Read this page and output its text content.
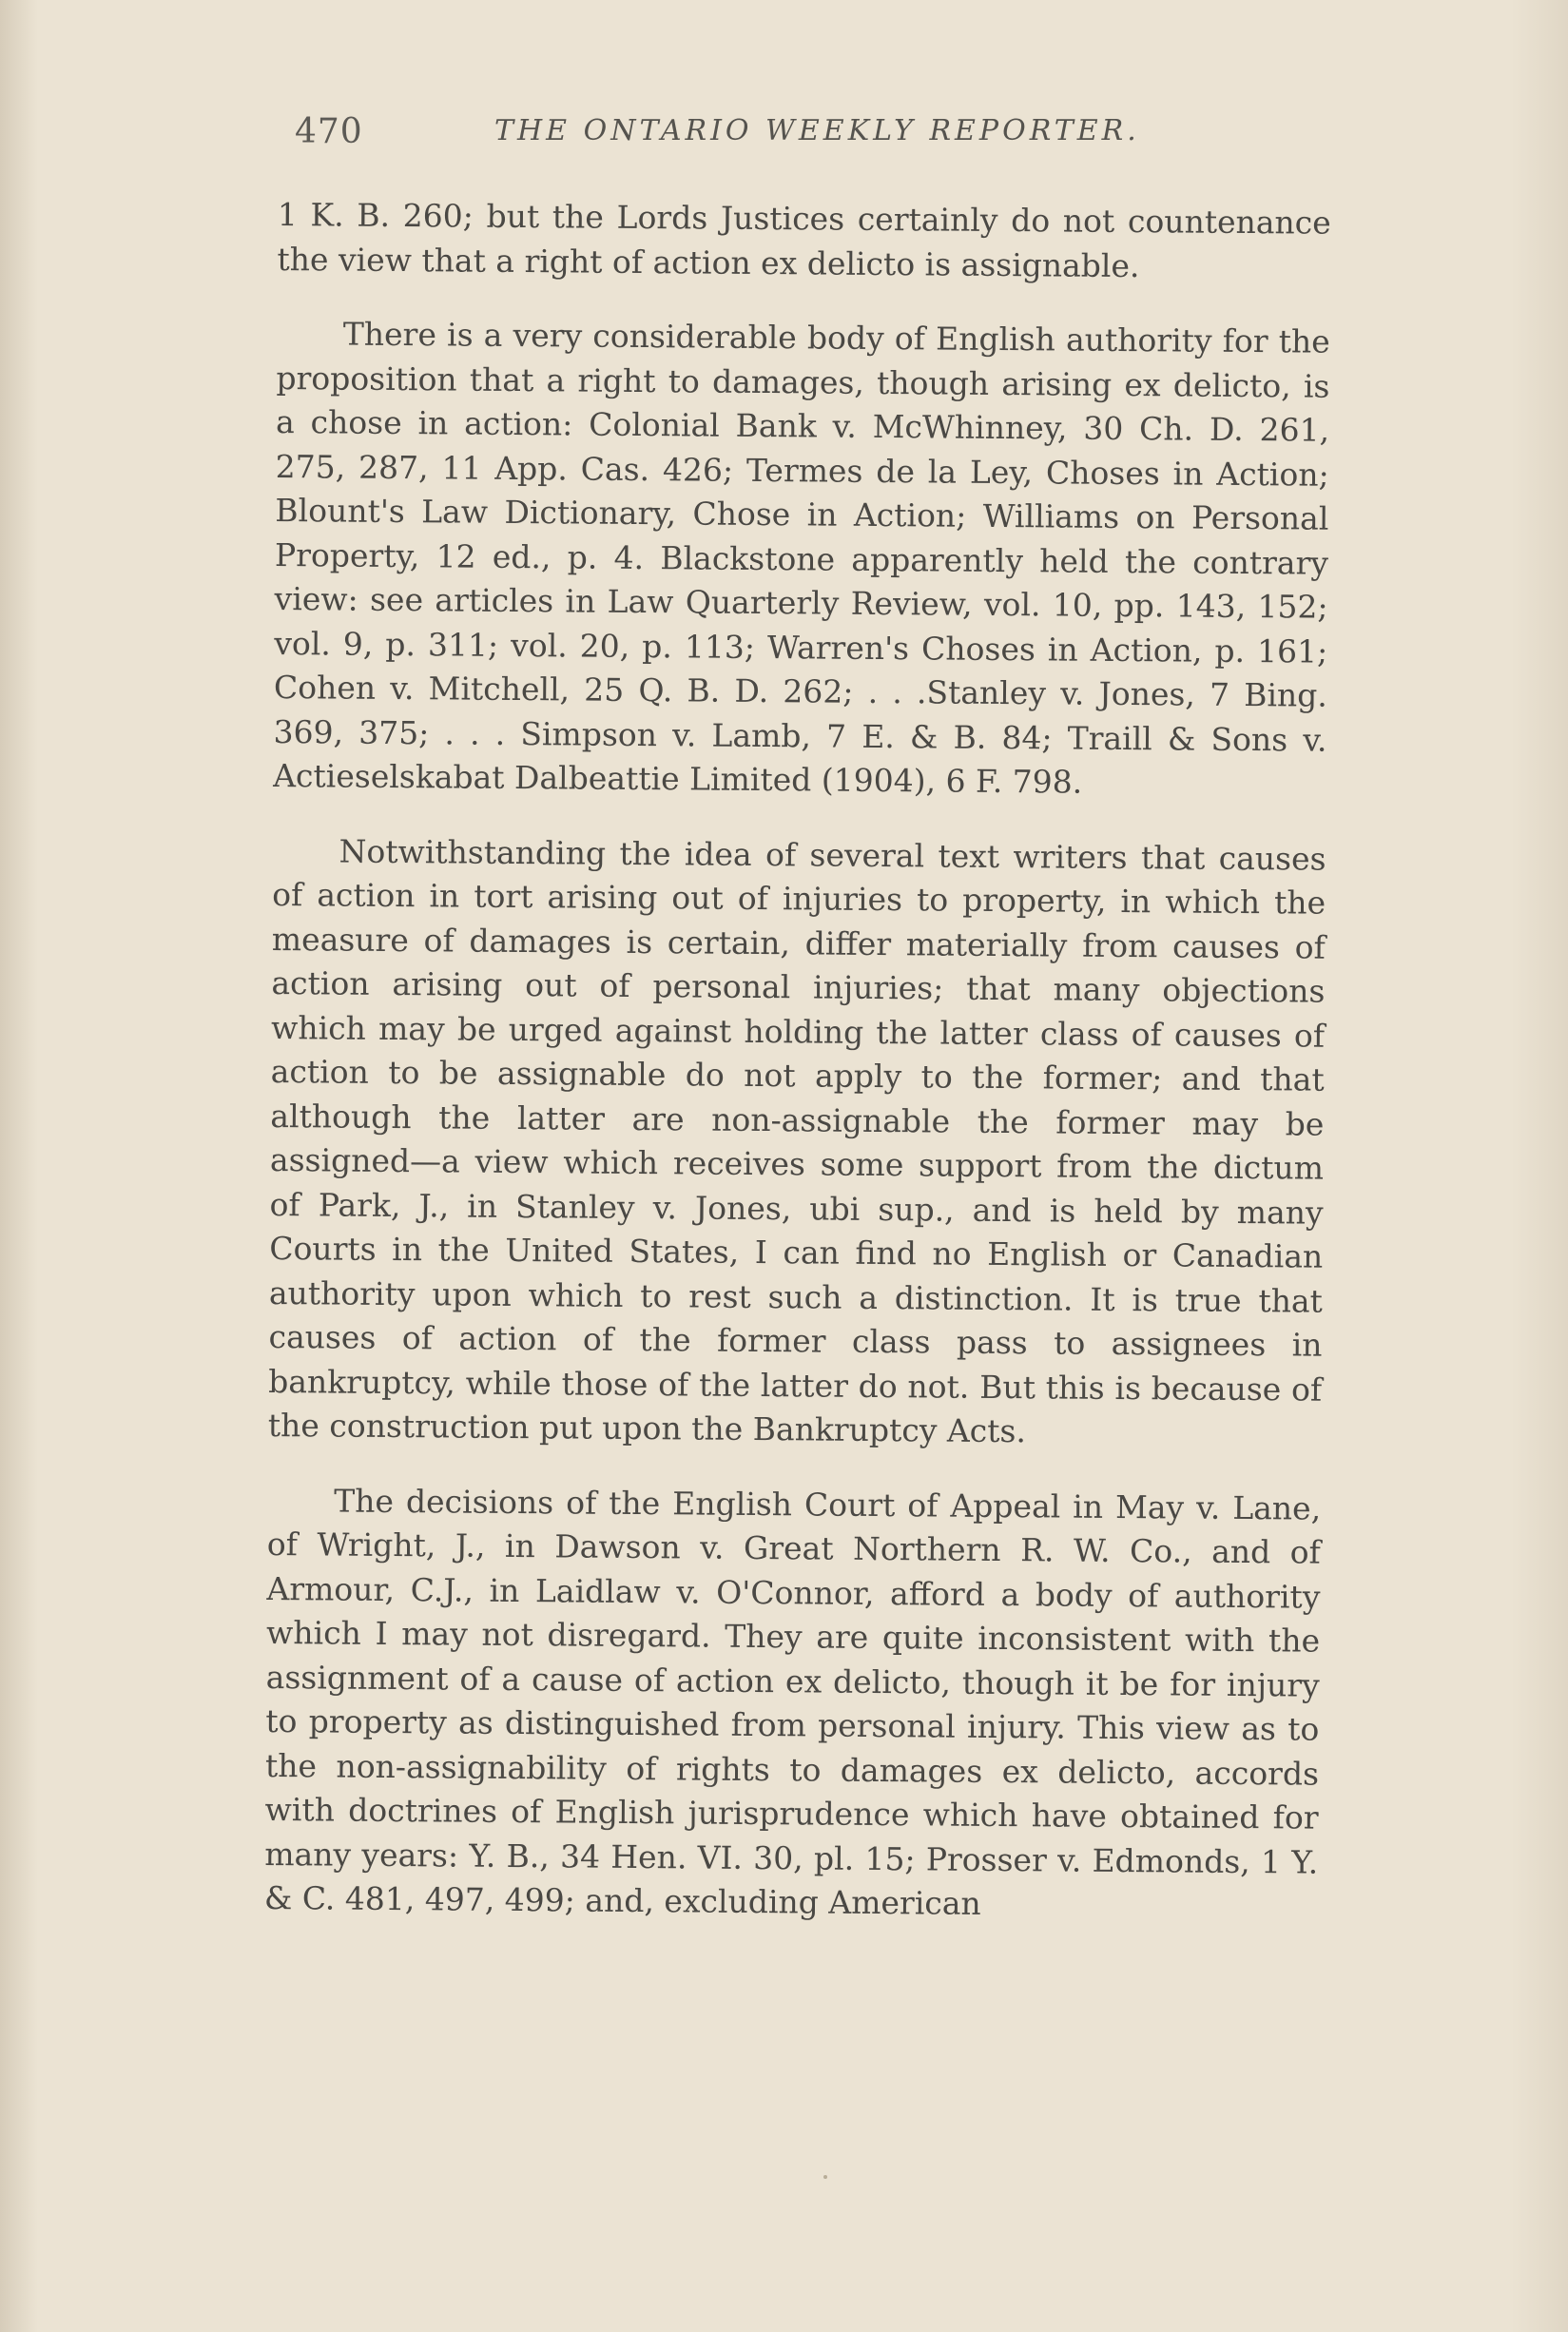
470	THE ONTARIO WEEKLY REPORTER.

1 K. B. 260; but the Lords Justices certainly do not countenance the view that a right of action ex delicto is assignable.

There is a very considerable body of English authority for the proposition that a right to damages, though arising ex delicto, is a chose in action: Colonial Bank v. McWhinney, 30 Ch. D. 261, 275, 287, 11 App. Cas. 426; Termes de la Ley, Choses in Action; Blount's Law Dictionary, Chose in Action; Williams on Personal Property, 12 ed., p. 4. Blackstone apparently held the contrary view: see articles in Law Quarterly Review, vol. 10, pp. 143, 152; vol. 9, p. 311; vol. 20, p. 113; Warren's Choses in Action, p. 161; Cohen v. Mitchell, 25 Q. B. D. 262; . . .Stanley v. Jones, 7 Bing. 369, 375; . . . Simpson v. Lamb, 7 E. & B. 84; Traill & Sons v. Actieselskabat Dalbeattie Limited (1904), 6 F. 798.

Notwithstanding the idea of several text writers that causes of action in tort arising out of injuries to property, in which the measure of damages is certain, differ materially from causes of action arising out of personal injuries; that many objections which may be urged against holding the latter class of causes of action to be assignable do not apply to the former; and that although the latter are non-assignable the former may be assigned—a view which receives some support from the dictum of Park, J., in Stanley v. Jones, ubi sup., and is held by many Courts in the United States, I can find no English or Canadian authority upon which to rest such a distinction. It is true that causes of action of the former class pass to assignees in bankruptcy, while those of the latter do not. But this is because of the construction put upon the Bankruptcy Acts.

The decisions of the English Court of Appeal in May v. Lane, of Wright, J., in Dawson v. Great Northern R. W. Co., and of Armour, C.J., in Laidlaw v. O'Connor, afford a body of authority which I may not disregard. They are quite inconsistent with the assignment of a cause of action ex delicto, though it be for injury to property as distinguished from personal injury. This view as to the non-assignability of rights to damages ex delicto, accords with doctrines of English jurisprudence which have obtained for many years: Y. B., 34 Hen. VI. 30, pl. 15; Prosser v. Edmonds, 1 Y. & C. 481, 497, 499; and, excluding American
